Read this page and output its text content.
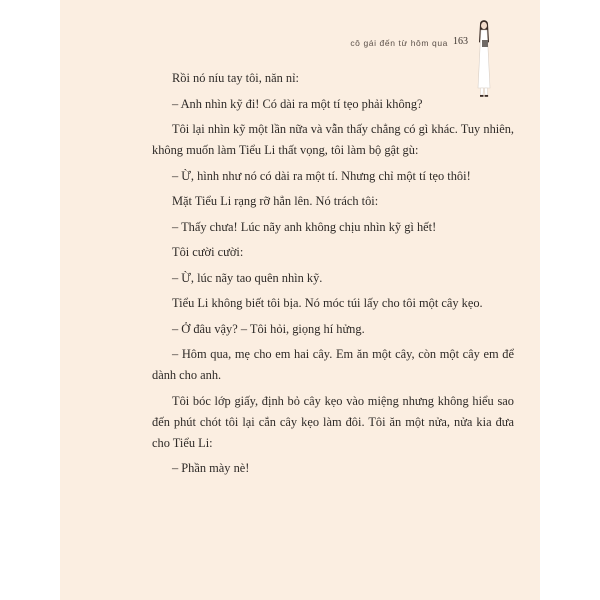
cô gái đến từ hôm qua 163

Rồi nó níu tay tôi, năn nỉ:

– Anh nhìn kỹ đi! Có dài ra một tí tẹo phải không?

Tôi lại nhìn kỹ một lần nữa và vẫn thấy chẳng có gì khác. Tuy nhiên, không muốn làm Tiểu Li thất vọng, tôi làm bộ gật gù:

– Ừ, hình như nó có dài ra một tí. Nhưng chỉ một tí tẹo thôi!

Mặt Tiểu Li rạng rỡ hẳn lên. Nó trách tôi:

– Thấy chưa! Lúc nãy anh không chịu nhìn kỹ gì hết!

Tôi cười cười:

– Ừ, lúc nãy tao quên nhìn kỹ.

Tiểu Li không biết tôi bịa. Nó móc túi lấy cho tôi một cây kẹo.

– Ở đâu vậy? – Tôi hỏi, giọng hí hửng.

– Hôm qua, mẹ cho em hai cây. Em ăn một cây, còn một cây em để dành cho anh.

Tôi bóc lớp giấy, định bỏ cây kẹo vào miệng nhưng không hiểu sao đến phút chót tôi lại cắn cây kẹo làm đôi. Tôi ăn một nửa, nửa kia đưa cho Tiểu Li:

– Phần mày nè!
